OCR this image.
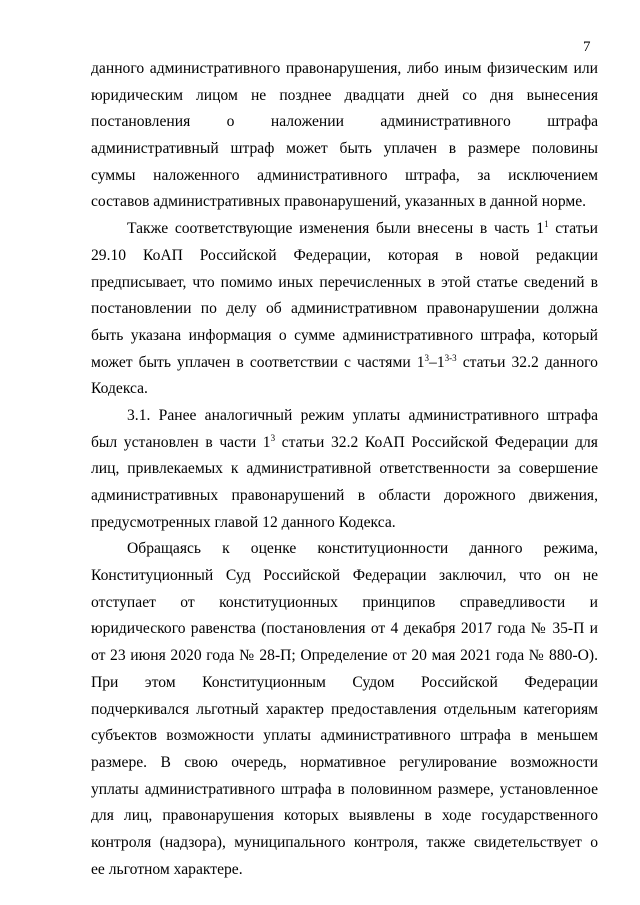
7
данного административного правонарушения, либо иным физическим или
юридическим лицом не позднее двадцати дней со дня вынесения
постановления о наложении административного штрафа
административный штраф может быть уплачен в размере половины
суммы наложенного административного штрафа, за исключением
составов административных правонарушений, указанных в данной норме.
Также соответствующие изменения были внесены в часть $1^1$ статьи
29.10 КоАП Российской Федерации, которая в новой редакции
предписывает, что помимо иных перечисленных в этой статье сведений в
постановлении по делу об административном правонарушении должна
быть указана информация о сумме административного штрафа, который
может быть уплачен в соответствии с частями $1^3-1^{3-3}$ статьи 32.2 данного
Кодекса.
3.1. Ранее аналогичный режим уплаты административного штрафа
был установлен в части $1^3$ статьи 32.2 КоАП Российской Федерации для
лиц, привлекаемых к административной ответственности за совершение
административных правонарушений в области дорожного движения,
предусмотренных главой 12 данного Кодекса.
Обращаясь к оценке конституционности данного режима,
Конституционный Суд Российской Федерации заключил, что он не
отступает от конституционных принципов справедливости и
юридического равенства (постановления от 4 декабря 2017 года № 35-П и
от 23 июня 2020 года № 28-П; Определение от 20 мая 2021 года № 880-О).
При этом Конституционным Судом Российской Федерации
подчеркивался льготный характер предоставления отдельным категориям
субъектов возможности уплаты административного штрафа в меньшем
размере. В свою очередь, нормативное регулирование возможности
уплаты административного штрафа в половинном размере, установленное
для лиц, правонарушения которых выявлены в ходе государственного
контроля (надзора), муниципального контроля, также свидетельствует о
ее льготном характере.
